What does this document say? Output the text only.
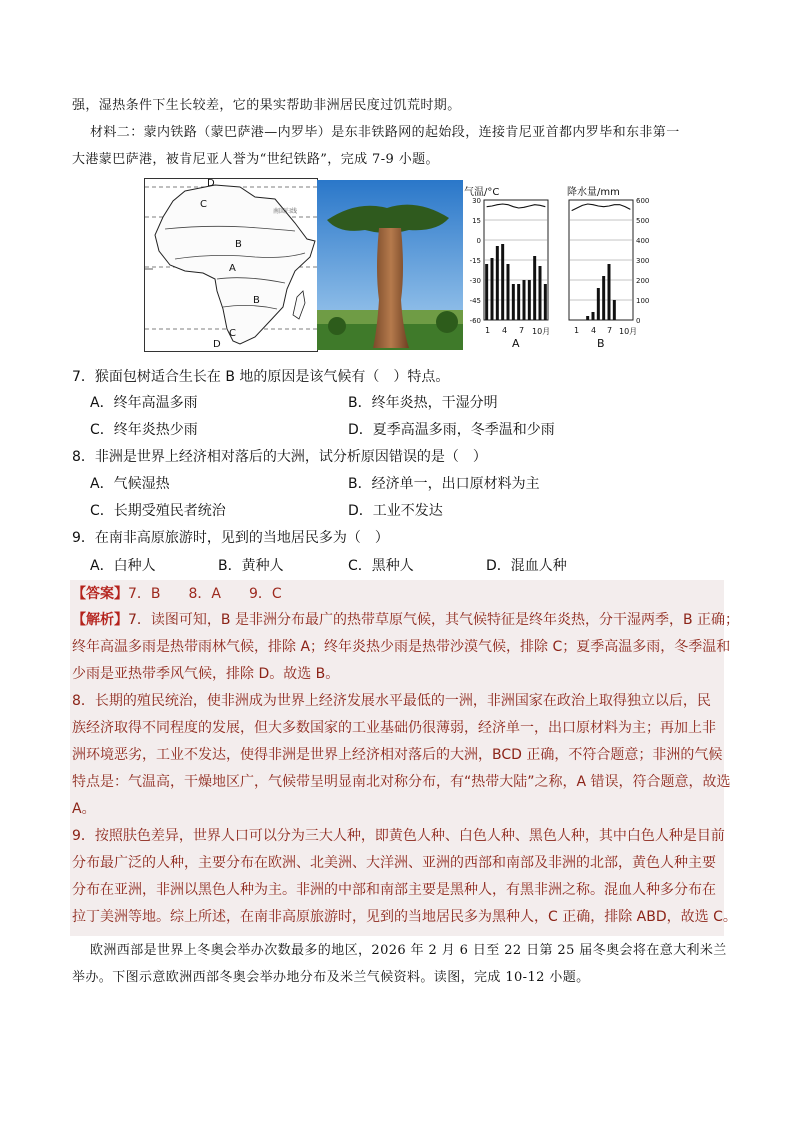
强，湿热条件下生长较差，它的果实帮助非洲居民度过饥荒时期。
材料二：蒙内铁路（蒙巴萨港—内罗毕）是东非铁路网的起始段，连接肯尼亚首都内罗毕和东非第一
大港蒙巴萨港，被肯尼亚人誉为“世纪铁路”，完成 7-9 小题。
D
C
B
A
B
C
D
南回归线
气温/°C
30
15
0
-15
-30
-45
-60
1 4 7 10月
A
降水量/mm
600
500
400
300
200
100
0
1 4 7 10月
B
7．猴面包树适合生长在 B 地的原因是该气候有（　）特点。
A．终年高温多雨	B．终年炎热，干湿分明
C．终年炎热少雨	D．夏季高温多雨，冬季温和少雨
8．非洲是世界上经济相对落后的大洲，试分析原因错误的是（　）
A．气候湿热	B．经济单一，出口原材料为主
C．长期受殖民者统治	D．工业不发达
9．在南非高原旅游时，见到的当地居民多为（　）
A．白种人	B．黄种人	C．黑种人	D．混血人种
【答案】7．B　　8．A　　9．C
【解析】7．读图可知，B 是非洲分布最广的热带草原气候，其气候特征是终年炎热，分干湿两季，B 正确；
终年高温多雨是热带雨林气候，排除 A；终年炎热少雨是热带沙漠气候，排除 C；夏季高温多雨，冬季温和
少雨是亚热带季风气候，排除 D。故选 B。
8．长期的殖民统治，使非洲成为世界上经济发展水平最低的一洲，非洲国家在政治上取得独立以后，民
族经济取得不同程度的发展，但大多数国家的工业基础仍很薄弱，经济单一，出口原材料为主；再加上非
洲环境恶劣，工业不发达，使得非洲是世界上经济相对落后的大洲，BCD 正确，不符合题意；非洲的气候
特点是：气温高，干燥地区广，气候带呈明显南北对称分布，有“热带大陆”之称，A 错误，符合题意，故选
A。
9．按照肤色差异，世界人口可以分为三大人种，即黄色人种、白色人种、黑色人种，其中白色人种是目前
分布最广泛的人种，主要分布在欧洲、北美洲、大洋洲、亚洲的西部和南部及非洲的北部，黄色人种主要
分布在亚洲，非洲以黑色人种为主。非洲的中部和南部主要是黑种人，有黑非洲之称。混血人种多分布在
拉丁美洲等地。综上所述，在南非高原旅游时，见到的当地居民多为黑种人，C 正确，排除 ABD，故选 C。
欧洲西部是世界上冬奥会举办次数最多的地区，2026 年 2 月 6 日至 22 日第 25 届冬奥会将在意大利米兰
举办。下图示意欧洲西部冬奥会举办地分布及米兰气候资料。读图，完成 10-12 小题。
